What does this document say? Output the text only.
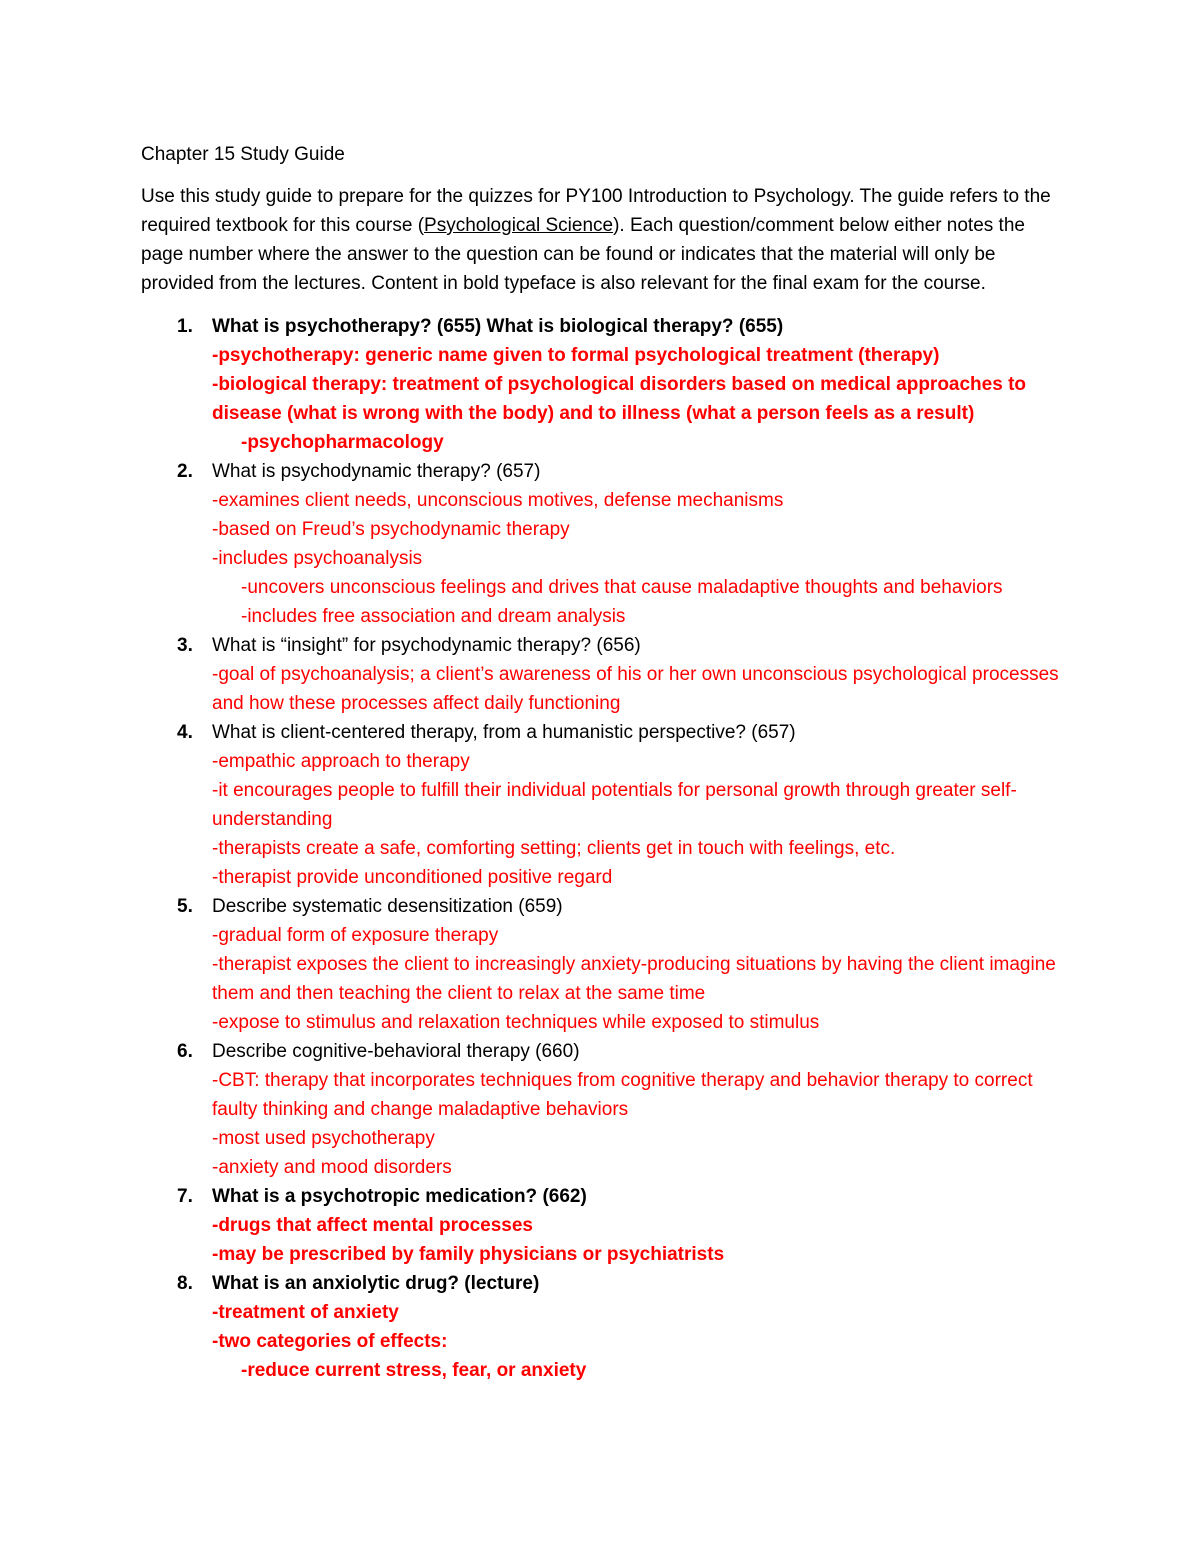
Chapter 15 Study Guide

Use this study guide to prepare for the quizzes for PY100 Introduction to Psychology. The guide refers to the required textbook for this course (Psychological Science). Each question/comment below either notes the page number where the answer to the question can be found or indicates that the material will only be provided from the lectures. Content in bold typeface is also relevant for the final exam for the course.

1. What is psychotherapy? (655) What is biological therapy? (655)
-psychotherapy: generic name given to formal psychological treatment (therapy)
-biological therapy: treatment of psychological disorders based on medical approaches to disease (what is wrong with the body) and to illness (what a person feels as a result)
-psychopharmacology
2. What is psychodynamic therapy? (657)
-examines client needs, unconscious motives, defense mechanisms
-based on Freud’s psychodynamic therapy
-includes psychoanalysis
-uncovers unconscious feelings and drives that cause maladaptive thoughts and behaviors
-includes free association and dream analysis
3. What is “insight” for psychodynamic therapy? (656)
-goal of psychoanalysis; a client’s awareness of his or her own unconscious psychological processes and how these processes affect daily functioning
4. What is client-centered therapy, from a humanistic perspective? (657)
-empathic approach to therapy
-it encourages people to fulfill their individual potentials for personal growth through greater self-understanding
-therapists create a safe, comforting setting; clients get in touch with feelings, etc.
-therapist provide unconditioned positive regard
5. Describe systematic desensitization (659)
-gradual form of exposure therapy
-therapist exposes the client to increasingly anxiety-producing situations by having the client imagine them and then teaching the client to relax at the same time
-expose to stimulus and relaxation techniques while exposed to stimulus
6. Describe cognitive-behavioral therapy (660)
-CBT: therapy that incorporates techniques from cognitive therapy and behavior therapy to correct faulty thinking and change maladaptive behaviors
-most used psychotherapy
-anxiety and mood disorders
7. What is a psychotropic medication? (662)
-drugs that affect mental processes
-may be prescribed by family physicians or psychiatrists
8. What is an anxiolytic drug? (lecture)
-treatment of anxiety
-two categories of effects:
-reduce current stress, fear, or anxiety
